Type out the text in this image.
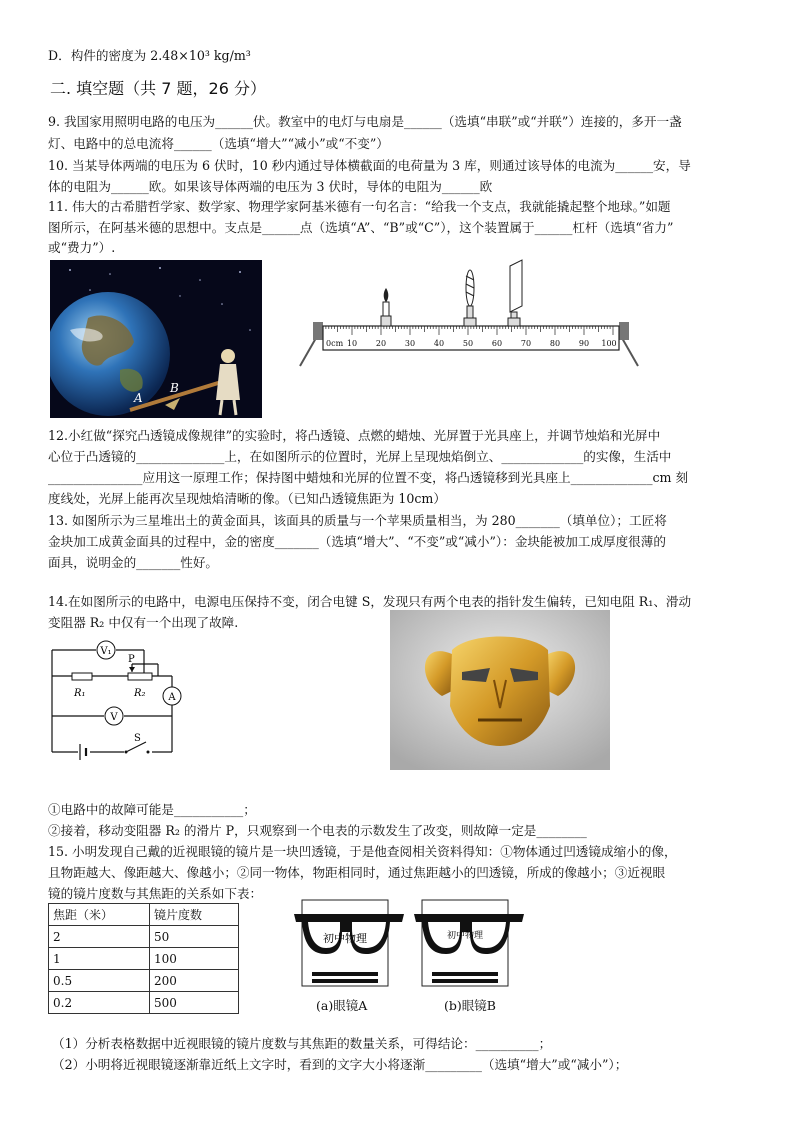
D．构件的密度为 2.48×10³ kg/m³
二. 填空题（共 7 题，26 分）
9. 我国家用照明电路的电压为______伏。教室中的电灯与电扇是______（选填“串联”或“并联”）连接的，多开一盏
灯、电路中的总电流将______（选填“增大”“减小”或“不变”）
10. 当某导体两端的电压为 6 伏时，10 秒内通过导体横截面的电荷量为 3 库，则通过该导体的电流为______安，导
体的电阻为______欧。如果该导体两端的电压为 3 伏时，导体的电阻为______欧
11. 伟大的古希腊哲学家、数学家、物理学家阿基米德有一句名言：“给我一个支点，我就能撬起整个地球。”如题
图所示，在阿基米德的思想中。支点是______点（选填“A”、“B”或“C”），这个装置属于______杠杆（选填“省力”
或“费力”）.
A
B
0cm 10 20 30 40 50 60 70 80 90 100
12.小红做“探究凸透镜成像规律”的实验时，将凸透镜、点燃的蜡烛、光屏置于光具座上，并调节烛焰和光屏中
心位于凸透镜的______________上，在如图所示的位置时，光屏上呈现烛焰倒立、_____________的实像，生活中
_______________应用这一原理工作；保持图中蜡烛和光屏的位置不变，将凸透镜移到光具座上_____________cm 刻
度线处，光屏上能再次呈现烛焰清晰的像。（已知凸透镜焦距为 10cm）
13. 如图所示为三星堆出土的黄金面具，该面具的质量与一个苹果质量相当，为 280_______（填单位）；工匠将
金块加工成黄金面具的过程中，金的密度_______（选填“增大”、“不变”或“减小”）：金块能被加工成厚度很薄的
面具，说明金的_______性好。
14.在如图所示的电路中，电源电压保持不变，闭合电键 S，发现只有两个电表的指针发生偏转，已知电阻 R₁、滑动
变阻器 R₂ 中仅有一个出现了故障.
V₁
P
R₁	R₂ A
V
S
①电路中的故障可能是___________；
②接着，移动变阻器 R₂ 的滑片 P，只观察到一个电表的示数发生了改变，则故障一定是________
15. 小明发现自己戴的近视眼镜的镜片是一块凹透镜，于是他查阅相关资料得知：①物体通过凹透镜成缩小的像，
且物距越大、像距越大、像越小；②同一物体，物距相同时，通过焦距越小的凹透镜，所成的像越小；③近视眼
镜的镜片度数与其焦距的关系如下表：
焦距（米）	镜片度数
2	50
1	100
0.5	200
0.2	500
初中物理	初中物理
(a)眼镜A	(b)眼镜B
（1）分析表格数据中近视眼镜的镜片度数与其焦距的数量关系，可得结论：__________；
（2）小明将近视眼镜逐渐靠近纸上文字时，看到的文字大小将逐渐_________（选填“增大”或“减小”）；
